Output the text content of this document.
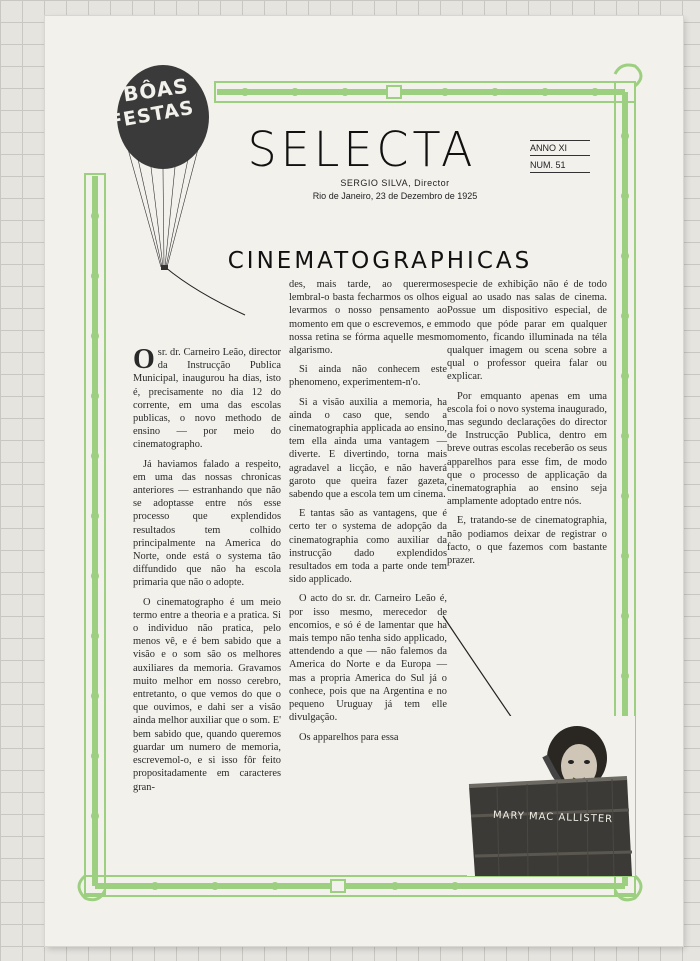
BÔAS
FESTAS
SELECTA
SERGIO SILVA, Director
Rio de Janeiro, 23 de Dezembro de 1925
ANNO XI
NUM. 51
CINEMATOGRAPHICAS

Osr. dr. Carneiro Leão, director da Instrucção Publica Municipal, inaugurou ha dias, isto é, precisamente no dia 12 do corrente, em uma das escolas publicas, o novo methodo de ensino — por meio do cinematographo.

Já haviamos falado a respeito, em uma das nossas chronicas anteriores — estranhando que não se adoptasse entre nós esse processo que explendidos resultados tem colhido principalmente na America do Norte, onde está o systema tão diffundido que não ha escola primaria que não o adopte.

O cinematographo é um meio termo entre a theoria e a pratica. Si o individuo não pratica, pelo menos vê, e é bem sabido que a visão e o som são os melhores auxiliares da memoria. Gravamos muito melhor em nosso cerebro, entretanto, o que vemos do que o que ouvimos, e dahi ser a visão ainda melhor auxiliar que o som. E' bem sabido que, quando queremos guardar um numero de memoria, escrevemol-o, e si isso fôr feito propositadamente em caracteres gran-

des, mais tarde, ao querermos lembral-o basta fecharmos os olhos e levarmos o nosso pensamento ao momento em que o escrevemos, e em nossa retina se fórma aquelle mesmo algarismo.

Si ainda não conhecem este phenomeno, experimentem-n'o.

Si a visão auxilia a memoria, ha ainda o caso que, sendo a cinematographia applicada ao ensino, tem ella ainda uma vantagem — diverte. E divertindo, torna mais agradavel a licção, e não haverá garoto que queira fazer gazeta, sabendo que a escola tem um cinema.

E tantas são as vantagens, que é certo ter o systema de adopção da cinematographia como auxiliar da instrucção dado explendidos resultados em toda a parte onde tem sido applicado.

O acto do sr. dr. Carneiro Leão é, por isso mesmo, merecedor de encomios, e só é de lamentar que ha mais tempo não tenha sido applicado, attendendo a que — não falemos da America do Norte e da Europa — mas a propria America do Sul já o conhece, pois que na Argentina e no pequeno Uruguay já tem elle divulgação.

Os apparelhos para essa

especie de exhibição não é de todo igual ao usado nas salas de cinema. Possue um dispositivo especial, de modo que póde parar em qualquer momento, ficando illuminada na téla qualquer imagem ou scena sobre a qual o professor queira falar ou explicar.

Por emquanto apenas em uma escola foi o novo systema inaugurado, mas segundo declarações do director de Instrucção Publica, dentro em breve outras escolas receberão os seus apparelhos para esse fim, de modo que o processo de applicação da cinematographia ao ensino seja amplamente adoptado entre nós.

E, tratando-se de cinematographia, não podiamos deixar de registrar o facto, o que fazemos com bastante prazer.

MARY MAC ALLISTER
